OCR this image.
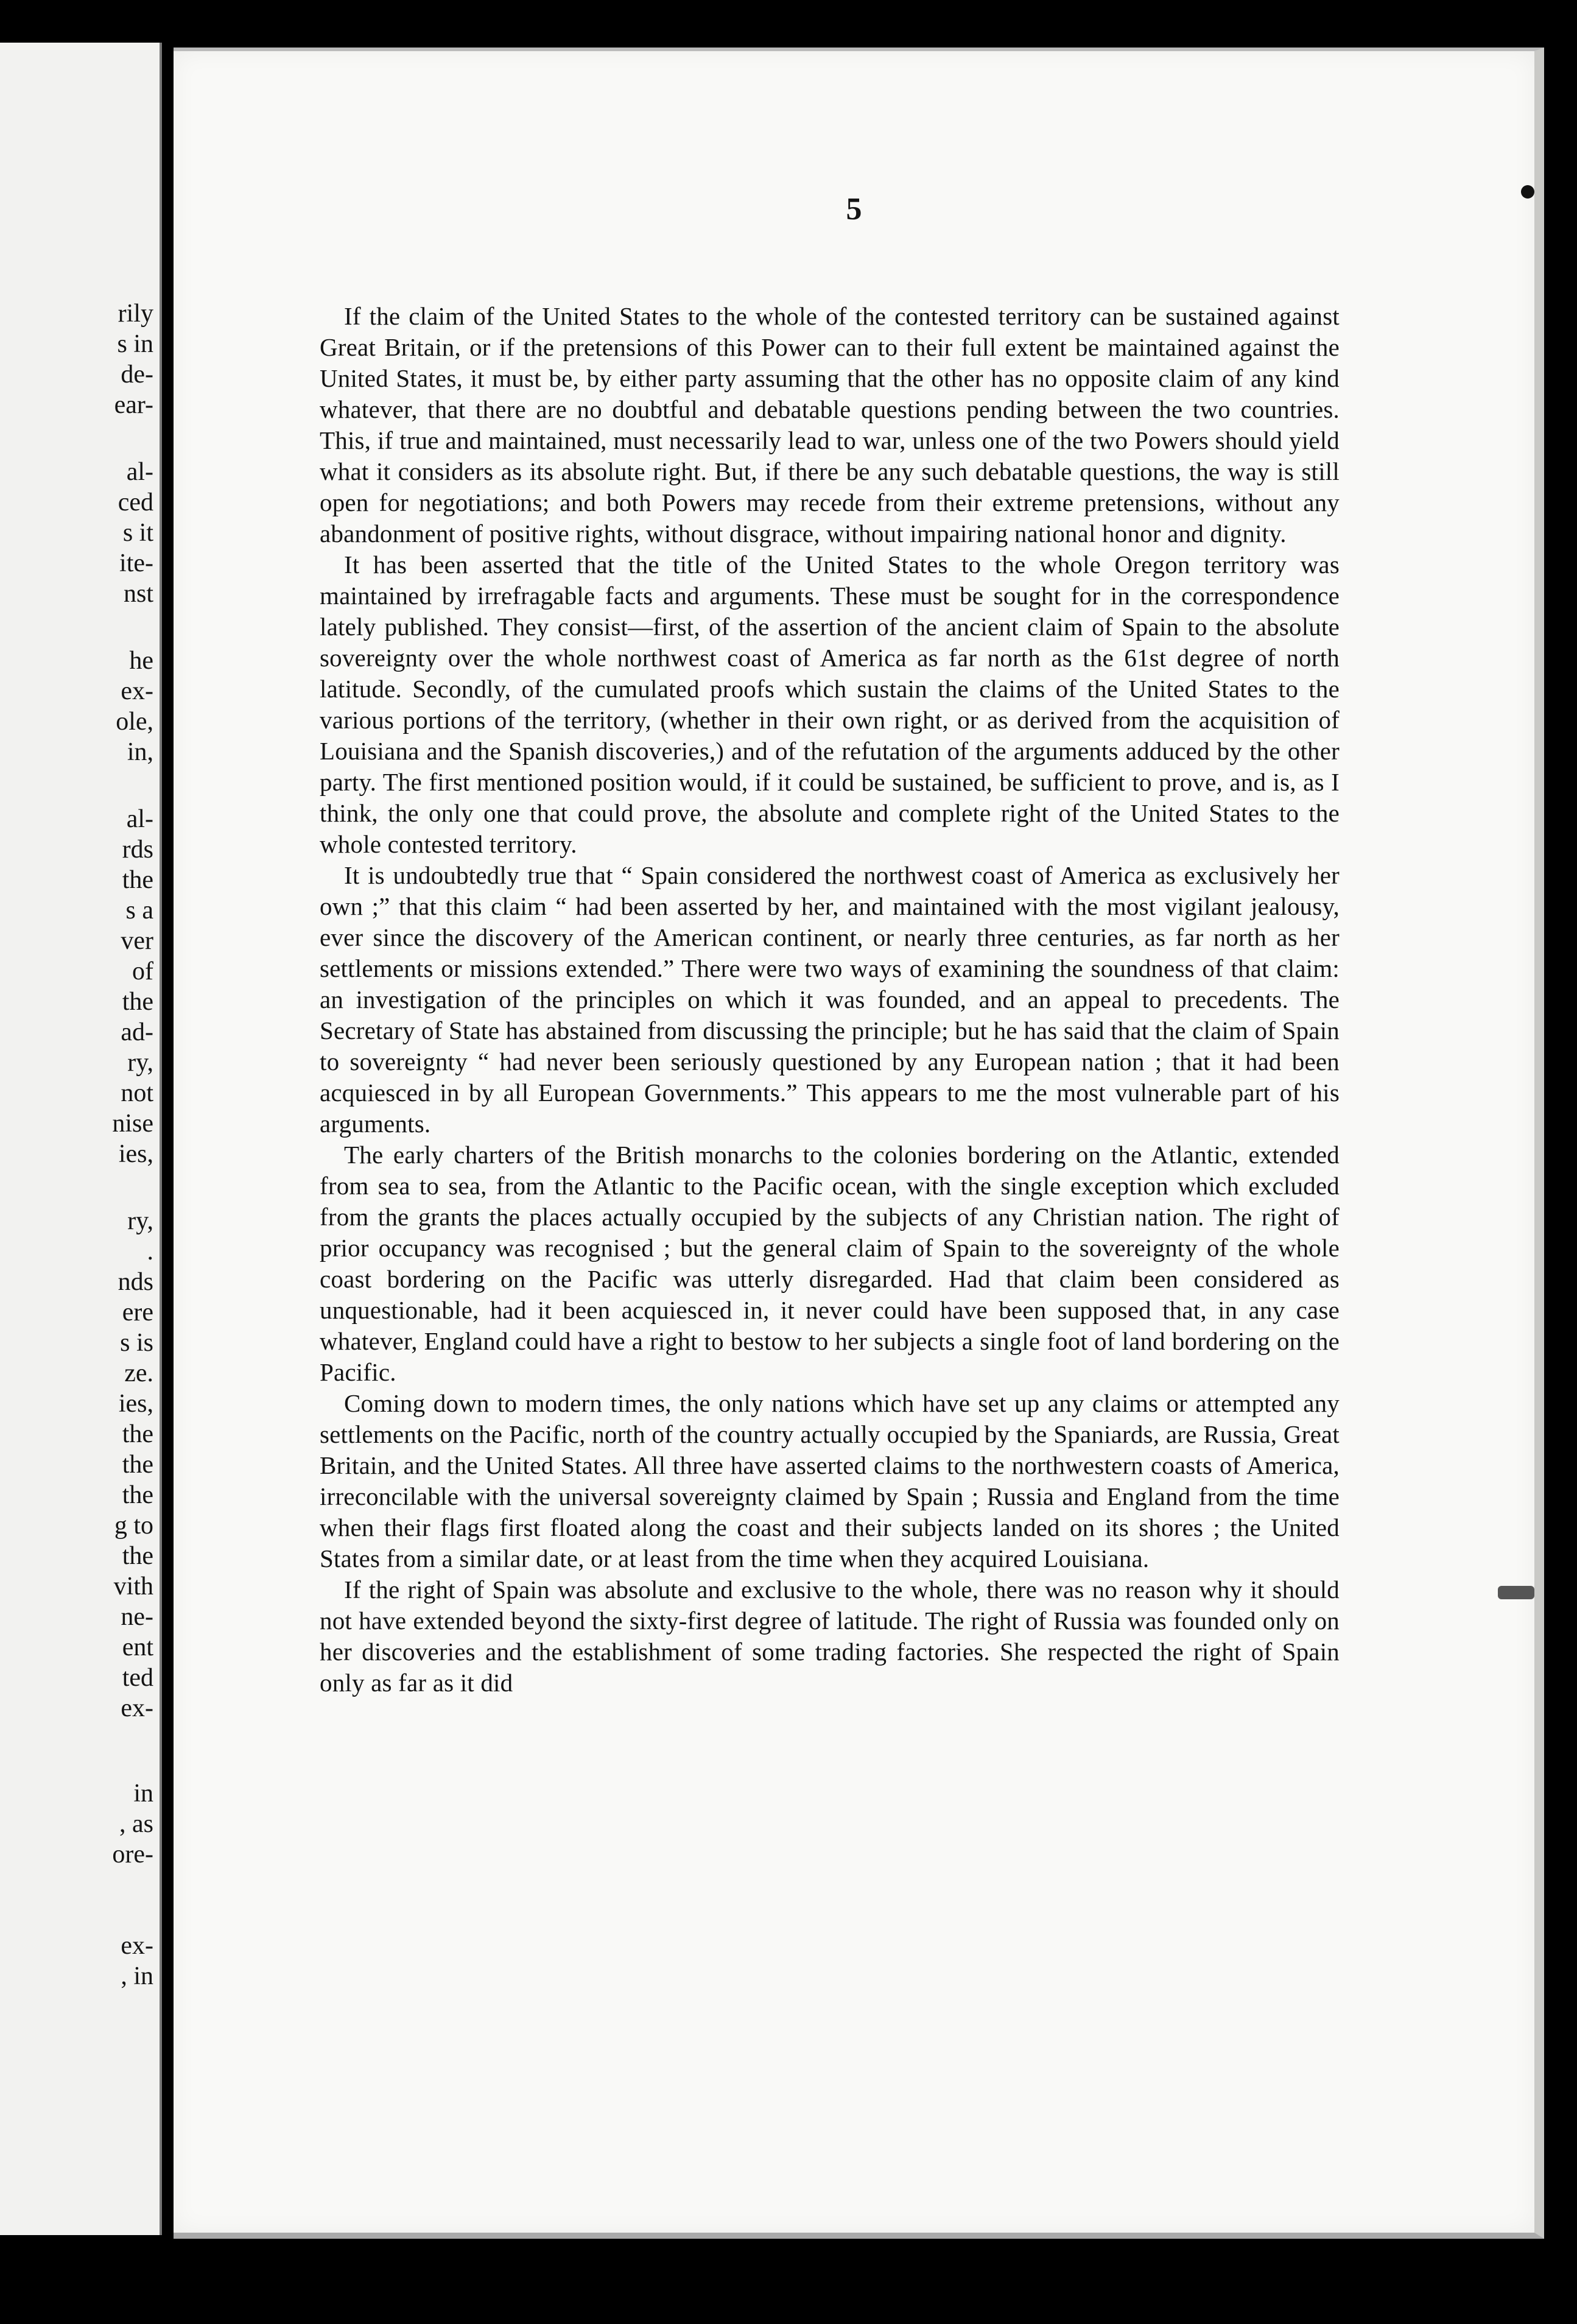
rily
s in
de-
ear-
al-
ced
s it
ite-
nst
he
ex-
ole,
in,
al-
rds
the
s a
ver
of
the
ad-
ry,
not
nise
ies,
ry,
.
nds
ere
s is
ze.
ies,
the
the
the
g to
the
vith
ne-
ent
ted
ex-
in
, as
ore-
ex-
, in
5

If the claim of the United States to the whole of the contested territory can be sustained against Great Britain, or if the pretensions of this Power can to their full extent be maintained against the United States, it must be, by either party assuming that the other has no opposite claim of any kind whatever, that there are no doubtful and debatable questions pending between the two countries. This, if true and maintained, must necessarily lead to war, unless one of the two Powers should yield what it considers as its absolute right. But, if there be any such debatable questions, the way is still open for negotiations; and both Powers may recede from their extreme pretensions, without any abandonment of positive rights, without disgrace, without impairing national honor and dignity.

It has been asserted that the title of the United States to the whole Oregon territory was maintained by irrefragable facts and arguments. These must be sought for in the correspondence lately published. They consist—first, of the assertion of the ancient claim of Spain to the absolute sovereignty over the whole northwest coast of America as far north as the 61st degree of north latitude. Secondly, of the cumulated proofs which sustain the claims of the United States to the various portions of the territory, (whether in their own right, or as derived from the acquisition of Louisiana and the Spanish discoveries,) and of the refutation of the arguments adduced by the other party. The first mentioned position would, if it could be sustained, be sufficient to prove, and is, as I think, the only one that could prove, the absolute and complete right of the United States to the whole contested territory.

It is undoubtedly true that “ Spain considered the northwest coast of America as exclusively her own ;” that this claim “ had been asserted by her, and maintained with the most vigilant jealousy, ever since the discovery of the American continent, or nearly three centuries, as far north as her settlements or missions extended.” There were two ways of examining the soundness of that claim: an investigation of the principles on which it was founded, and an appeal to precedents. The Secretary of State has abstained from discussing the principle; but he has said that the claim of Spain to sovereignty “ had never been seriously questioned by any European nation ; that it had been acquiesced in by all European Governments.” This appears to me the most vulnerable part of his arguments.

The early charters of the British monarchs to the colonies bordering on the Atlantic, extended from sea to sea, from the Atlantic to the Pacific ocean, with the single exception which excluded from the grants the places actually occupied by the subjects of any Christian nation. The right of prior occupancy was recognised ; but the general claim of Spain to the sovereignty of the whole coast bordering on the Pacific was utterly disregarded. Had that claim been considered as unquestionable, had it been acquiesced in, it never could have been supposed that, in any case whatever, England could have a right to bestow to her subjects a single foot of land bordering on the Pacific.

Coming down to modern times, the only nations which have set up any claims or attempted any settlements on the Pacific, north of the country actually occupied by the Spaniards, are Russia, Great Britain, and the United States. All three have asserted claims to the northwestern coasts of America, irreconcilable with the universal sovereignty claimed by Spain ; Russia and England from the time when their flags first floated along the coast and their subjects landed on its shores ; the United States from a similar date, or at least from the time when they acquired Louisiana.

If the right of Spain was absolute and exclusive to the whole, there was no reason why it should not have extended beyond the sixty-first degree of latitude. The right of Russia was founded only on her discoveries and the establishment of some trading factories. She respected the right of Spain only as far as it did
